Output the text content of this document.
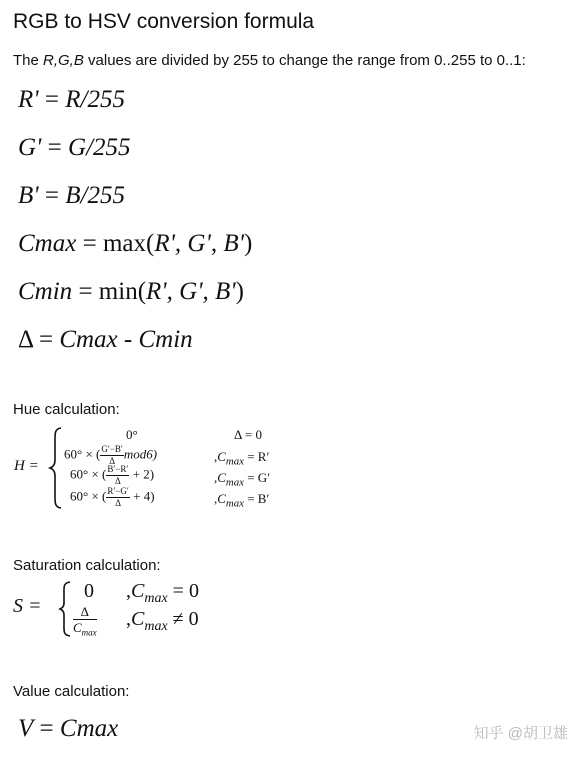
RGB to HSV conversion formula
The R,G,B values are divided by 255 to change the range from 0..255 to 0..1:
R' = R/255
G' = G/255
B' = B/255
Cmax = max(R', G', B')
Cmin = min(R', G', B')
Δ = Cmax - Cmin
Hue calculation:
H =
0°	Δ = 0
60° × ( $\frac{G'-B'}{\Delta} mod6$)	$,C_{max} = R'$
60° × ( $\frac{B'-R'}{\Delta} + 2$)	$,C_{max} = G'$
60° × ( $\frac{R'-G'}{\Delta} + 4$)	$,C_{max} = B'$
Saturation calculation:
S =
0 $,C_{max} = 0$
$\frac{\Delta}{C_{max}} ,C_{max} \ne 0$
Value calculation:
V = Cmax	知乎 @胡卫雄
